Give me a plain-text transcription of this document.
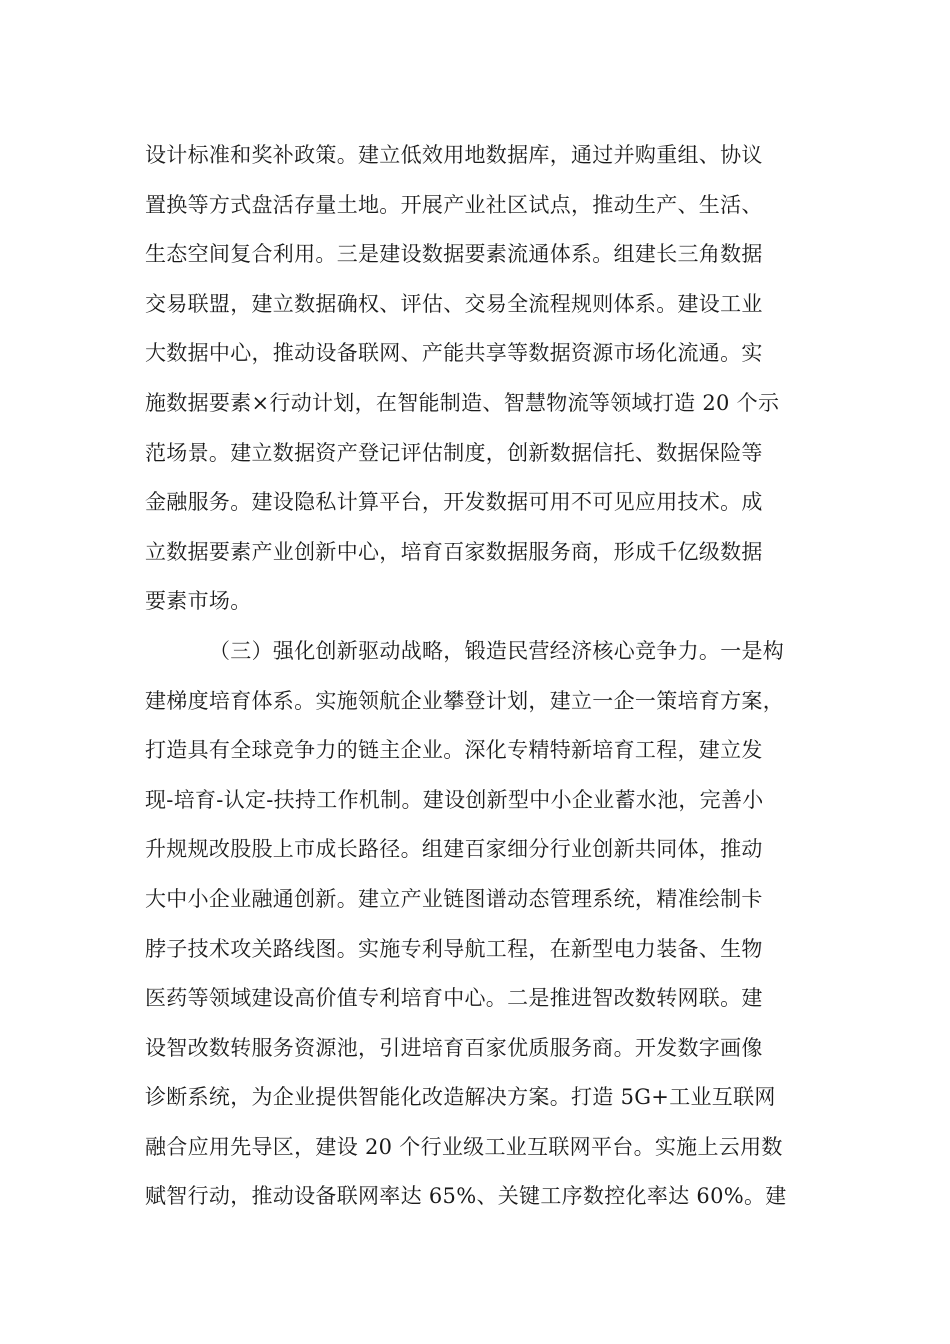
设计标准和奖补政策。建立低效用地数据库，通过并购重组、协议
置换等方式盘活存量土地。开展产业社区试点，推动生产、生活、
生态空间复合利用。三是建设数据要素流通体系。组建长三角数据
交易联盟，建立数据确权、评估、交易全流程规则体系。建设工业
大数据中心，推动设备联网、产能共享等数据资源市场化流通。实
施数据要素×行动计划，在智能制造、智慧物流等领域打造 20 个示
范场景。建立数据资产登记评估制度，创新数据信托、数据保险等
金融服务。建设隐私计算平台，开发数据可用不可见应用技术。成
立数据要素产业创新中心，培育百家数据服务商，形成千亿级数据
要素市场。
（三）强化创新驱动战略，锻造民营经济核心竞争力。一是构
建梯度培育体系。实施领航企业攀登计划，建立一企一策培育方案，
打造具有全球竞争力的链主企业。深化专精特新培育工程，建立发
现-培育-认定-扶持工作机制。建设创新型中小企业蓄水池，完善小
升规规改股股上市成长路径。组建百家细分行业创新共同体，推动
大中小企业融通创新。建立产业链图谱动态管理系统，精准绘制卡
脖子技术攻关路线图。实施专利导航工程，在新型电力装备、生物
医药等领域建设高价值专利培育中心。二是推进智改数转网联。建
设智改数转服务资源池，引进培育百家优质服务商。开发数字画像
诊断系统，为企业提供智能化改造解决方案。打造 5G+工业互联网
融合应用先导区，建设 20 个行业级工业互联网平台。实施上云用数
赋智行动，推动设备联网率达 65%、关键工序数控化率达 60%。建
